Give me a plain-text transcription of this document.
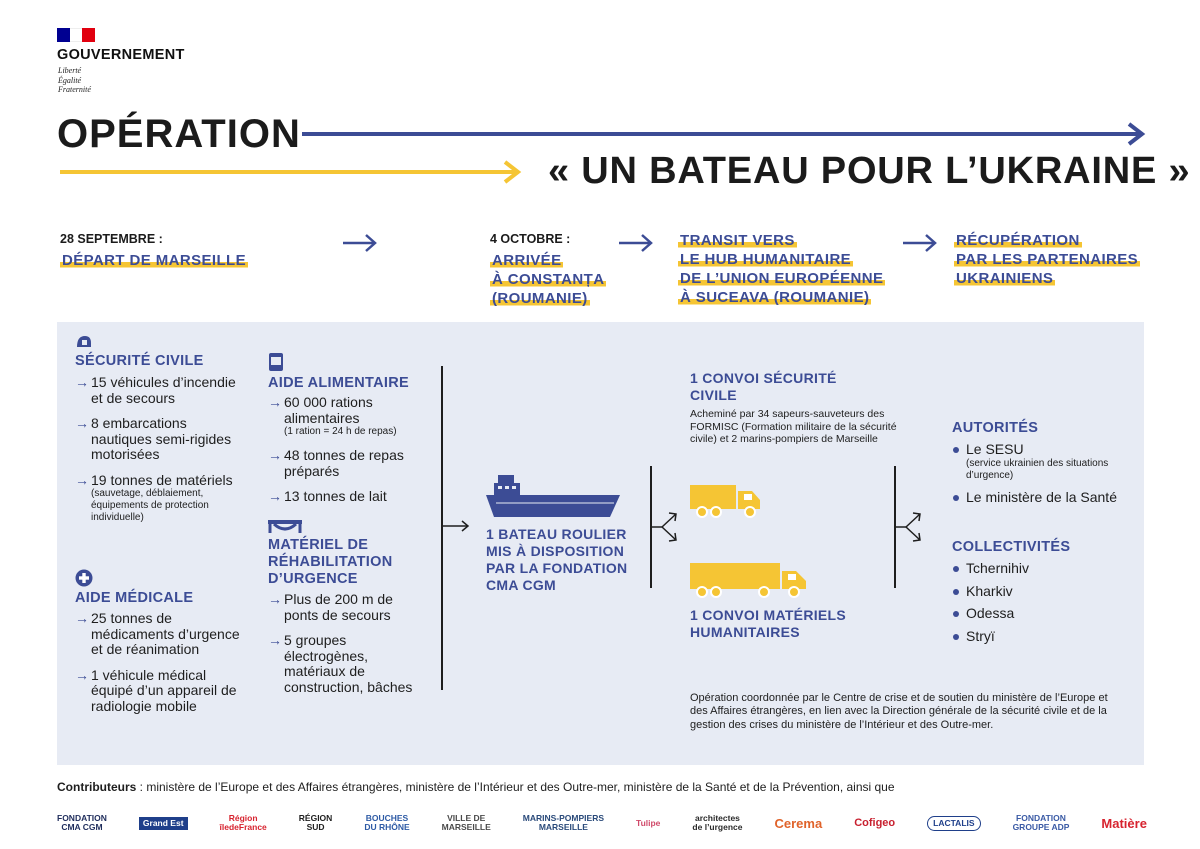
GOUVERNEMENT
Liberté
Égalité
Fraternité
OPÉRATION
« UN BATEAU POUR L’UKRAINE »
28 SEPTEMBRE :
DÉPART DE MARSEILLE
4 OCTOBRE :
ARRIVÉE
À CONSTANȚA
(ROUMANIE)
TRANSIT VERS
LE HUB HUMANITAIRE
DE L’UNION EUROPÉENNE
À SUCEAVA (ROUMANIE)
RÉCUPÉRATION
PAR LES PARTENAIRES
UKRAINIENS
SÉCURITÉ CIVILE
→ 15 véhicules d’incendie et de secours
→ 8 embarcations nautiques semi-rigides motorisées
→ 19 tonnes de matériels
(sauvetage, déblaiement, équipements de protection individuelle)
AIDE MÉDICALE
→ 25 tonnes de médicaments d’urgence et de réanimation
→ 1 véhicule médical équipé d’un appareil de radiologie mobile
AIDE ALIMENTAIRE
→ 60 000 rations alimentaires
(1 ration = 24 h de repas)
→ 48 tonnes de repas préparés
→ 13 tonnes de lait
MATÉRIEL DE
RÉHABILITATION
D’URGENCE
→ Plus de 200 m de ponts de secours
→ 5 groupes électrogènes, matériaux de construction, bâches
1 BATEAU ROULIER
MIS À DISPOSITION
PAR LA FONDATION
CMA CGM
1 CONVOI SÉCURITÉ
CIVILE
Acheminé par 34 sapeurs-sauveteurs des FORMISC (Formation militaire de la sécurité civile) et 2 marins-pompiers de Marseille
1 CONVOI MATÉRIELS
HUMANITAIRES
AUTORITÉS
Le SESU
(service ukrainien des situations d’urgence)
Le ministère de la Santé
COLLECTIVITÉS
Tchernihiv
Kharkiv
Odessa
Stryï
Opération coordonnée par le Centre de crise et de soutien du ministère de l’Europe et des Affaires étrangères, en lien avec la Direction générale de la sécurité civile et de la gestion des crises du ministère de l’Intérieur et des Outre-mer.
Contributeurs : ministère de l’Europe et des Affaires étrangères, ministère de l’Intérieur et des Outre-mer, ministère de la Santé et de la Prévention, ainsi que
FONDATION
CMA CGM	Grand Est	Région
îledeFrance
RÉGION
SUD
BOUCHES
DU RHÔNE
VILLE DE
MARSEILLE
MARINS-POMPIERS
MARSEILLE	Tulipe	architectes
de l’urgence Cerema	Cofigeo	LACTALIS	FONDATION
GROUPE ADP Matière
